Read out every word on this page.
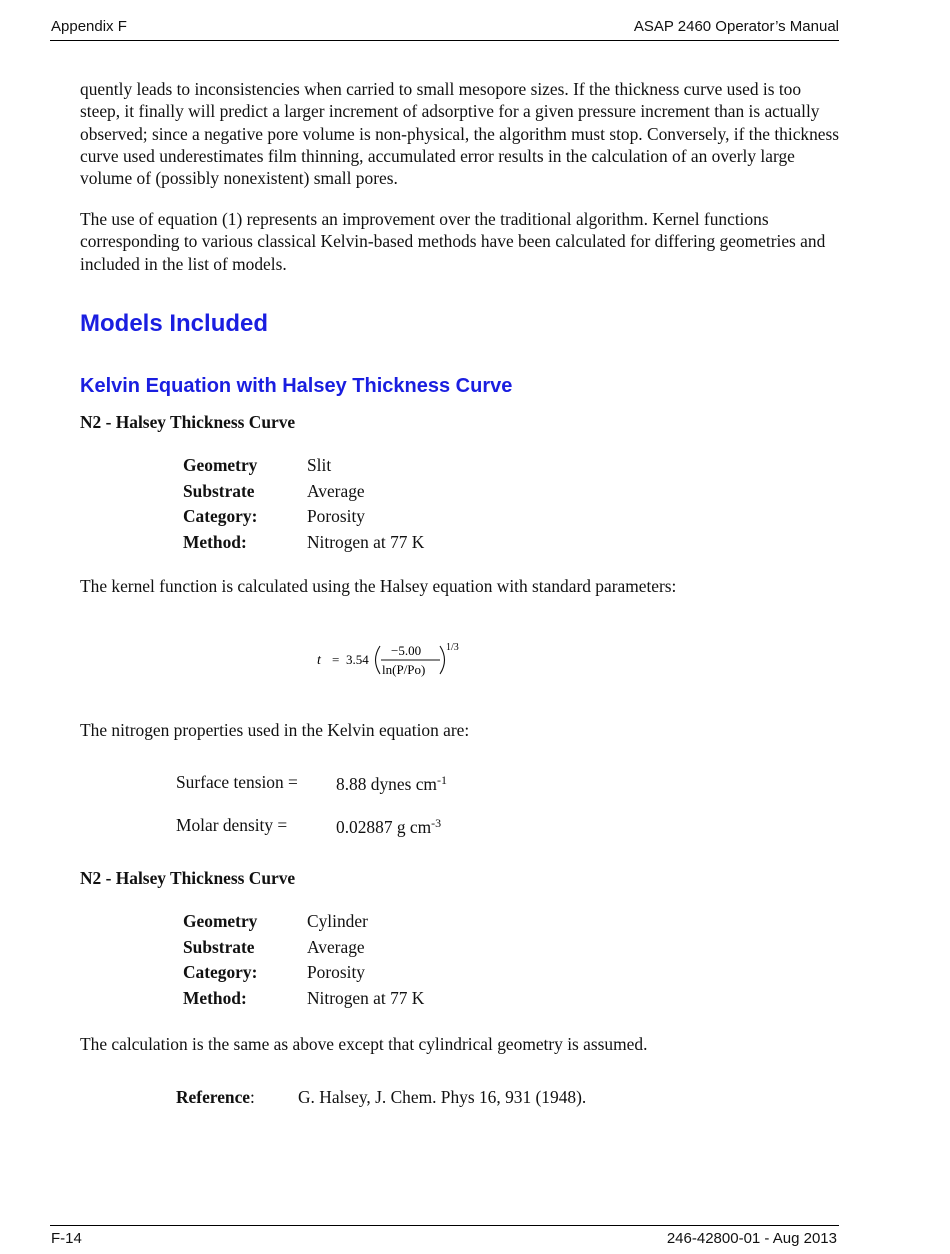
Appendix F	ASAP 2460 Operator’s Manual

quently leads to inconsistencies when carried to small mesopore sizes. If the thickness curve used is too steep, it finally will predict a larger increment of adsorptive for a given pressure increment than is actually observed; since a negative pore volume is non-physical, the algorithm must stop. Conversely, if the thickness curve used underestimates film thinning, accumulated error results in the calculation of an overly large volume of (possibly nonexistent) small pores.

The use of equation (1) represents an improvement over the traditional algorithm. Kernel functions corresponding to various classical Kelvin-based methods have been calculated for differing geometries and included in the list of models.

Models Included
Kelvin Equation with Halsey Thickness Curve

N2 - Halsey Thickness Curve

Geometry	Slit
Substrate	Average
Category:	Porosity
Method:	Nitrogen at 77 K

The kernel function is calculated using the Halsey equation with standard parameters:

t = 3.54
−5.00
ln(P/Po)
1/3

The nitrogen properties used in the Kelvin equation are:

Surface tension = 8.88 dynes $cm^{-1}$
Molar density =	0.02887 g $cm^{-3}$

N2 - Halsey Thickness Curve

Geometry	Cylinder
Substrate	Average
Category:	Porosity
Method:	Nitrogen at 77 K

The calculation is the same as above except that cylindrical geometry is assumed.

Reference: G. Halsey, J. Chem. Phys 16, 931 (1948).
F-14	246-42800-01 - Aug 2013
